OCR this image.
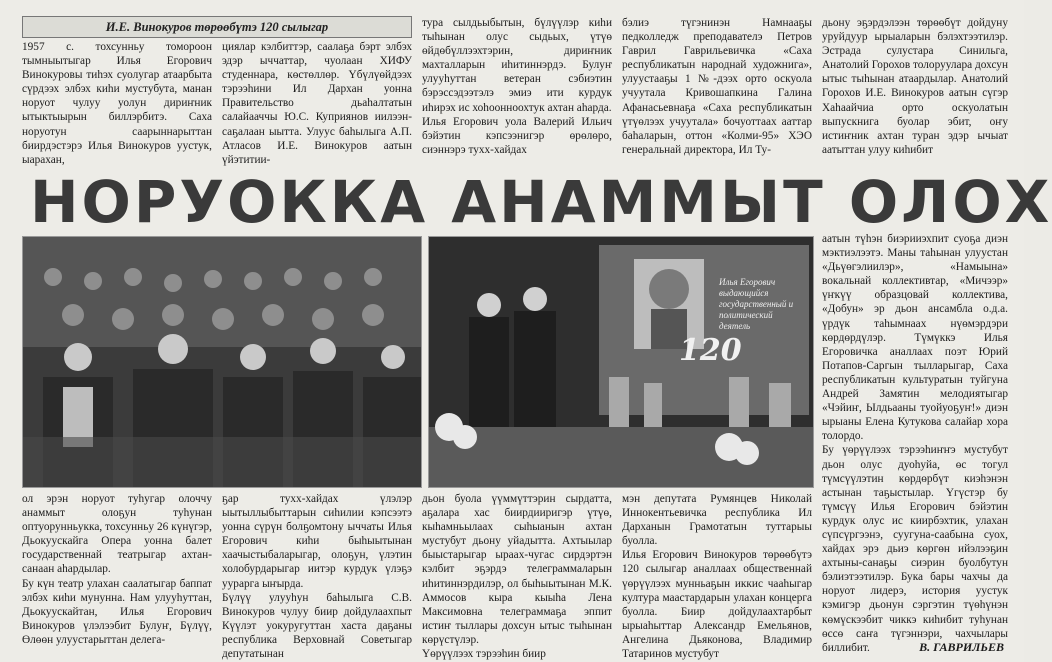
И.Е. Винокуров төрөөбүтэ 120 сылыгар

1957 с. тохсунньу томороон тымныытыгар Илья Егорович Винокуровы тиһэх суолугар атаарбыта сүрдээх элбэх киһи мустубута, манан норуот чулуу уолун дириҥник ытыктыырын биллэрбитэ. Саха норуотун саарыннарыттан биирдэстэрэ Илья Винокуров уустук, ыарахан,

циялар кэлбиттэр, саалаҕа бэрт элбэх эдэр ыччаттар, чуолаан ХИФУ студеннара, көстөллөр. Үбүлүөйдээх тэрээһини Ил Дархан уонна Правительство дьаһалтатын салайааччы Ю.С. Куприянов иилээн-саҕалаан ыытта. Улуус баһылыга А.П. Атласов И.Е. Винокуров аатын үйэтитии-

тура сылдьыбытын, бүлүүлэр киһи тыһынан олус сыдьых, үтүө өйдөбүллээхтэрин, дириҥник махталларын иһитиннэрдэ. Булуҥ улууһуттан ветеран сэбиэтин бэрэссэдээтэлэ эмиэ ити курдук иһирэх ис хоһоонноохтук ахтан аһарда.
Илья Егорович уола Валерий Ильич бэйэтин кэпсээнигэр өрөлөро, сиэннэрэ тухх-хайдах

бэлиэ түгэнинэн Намнааҕы педколледж преподавателэ Петров Гаврил Гаврильевичка «Саха республикатын народнай художнига», улуустааҕы 1 №-дээх орто оскуола учуутала Кривошапкина Галина Афанасьевнаҕа «Саха республикатын үтүөлээх учуутала» бочуоттаах ааттар баһаларын, оттон «Колми-95» ХЭО генеральнай директора, Ил Ту-

дьону эҕэрдэлээн төрөөбүт дойдуну уруйдуур ырыаларын бэлэхтээтилэр. Эстрада сулустара Синильга, Анатолий Горохов толоруулара дохсун ытыс тыһынан атаардылар. Анатолий Горохов И.Е. Винокуров аатын сүгэр Хаһаайчиа орто оскуолатын выпускнига буолар эбит, оҥу истиҥник ахтан туран эдэр ычыат аатыттан улуу киһибит

НОРУОККА АНАММЫТ ОЛОХ
120
Илья Егорович выдающийся государственный и политический деятель

аатын түһэн биэрииэхпит суоҕа диэн мэктиэлээтэ. Маны таһынан улуустан «Дьүөгэлиилэр», «Намыына» вокальнай коллективтар, «Мичээр» үҥкүү образцовай коллектива, «Добун» эр дьон ансамбла о.д.а. үрдүк таһымнаах нүөмэрдэри көрдөрдүлэр. Түмүккэ Илья Егоровичка аналлаах поэт Юрий Потапов-Саргын тылларыгар, Саха республикатын культуратын туйгуна Андрей Замятин мелодиятыгар «Чэйиҥ, Ылдьааны туойуоҕуҥ!» диэн ырыаны Елена Кутукова салайар хора толордо.
Бу үөрүүлээх тэрээһиҥҥэ мустубут дьон олус дуоһуйа, өс тогул түмсүүлэтин көрдөрбүт киэһэнэн астынан таҕыстылар. Үгүстэр бу түмсүү Илья Егорович бэйэтин курдук олус ис киирбэхтик, улахан сүпсүргээнэ, суугуна-саабына суох, хайдах эрэ дьиэ көргөн ийэлээҕин ахтыны-санаҕы сиэрин буолбутун бэлиэтээтилэр. Бука бары чахчы да норуот лидерэ, история уустук кэмигэр дьонун сэргэтин түөһүнэн көмүскээбит чиккэ киһибит туһунан өссө саҥа түгэннэри, чахчылары биллибит.

ол эрэн норуот туһугар олоччу анаммыт олоҕун туһунан оптуорунньукка, тохсунньу 26 күнүгэр, Дьокуускайга Опера уонна балет государственнай театрыгар ахтан-санаан аһардылар.
Бу күн театр улахан саалатыгар баппат элбэх киһи мунунна. Нам улууһуттан, Дьокуускайтан, Илья Егорович Винокуров үлэлээбит Булуҥ, Бүлүү, Өлөөн улуустарыттан делега-

ҕар тухх-хайдах үлэлэр ыытыллыбыттарын сиһилии кэпсээтэ уонна сүрүн болҕомтону ыччаты Илья Егорович киһи быһыытынан хаачыстыбаларыгар, олоҕун, үлэтин холобурдарыгар иитэр курдук үлэҕэ уурарга ыҥырда.
Бүлүү улууһун баһылыга С.В. Винокуров чулуу биир дойдулаахпыт Күүлэт уокуругуттан хаста даҕаны республика Верховнай Советыгар депутатынан

дьон буола үүммүттэрин сырдатта, аҕалара хас биирдииригэр үтүө, кыһамньылаах сыһыанын ахтан мустубут дьону уйадытта. Ахтыылар быыстарыгар ыраах-чугас сирдэртэн кэлбит эҕэрдэ телеграммаларын иһитиннэрдилэр, ол быһыытынан М.К. Аммосов кыра кыыһа Лена Максимовна телеграммаҕа эппит истиҥ тыллары дохсун ытыс тыһынан көрүстүлэр.
Үөрүүлээх тэрээһин биир

мэн депутата Румянцев Николай Иннокентьевичка республика Ил Дарханын Грамотатын туттарыы буолла.
Илья Егорович Винокуров төрөөбүтэ 120 сылыгар аналлаах общественнай үөрүүлээх мунньаҕын иккис чааһыгар култура маастардарын улахан концерга буолла. Биир дойдулаахтарбыт ырыаһыттар Александр Емельянов, Ангелина Дьяконова, Владимир Татаринов мустубут

В. ГАВРИЛЬЕВ
